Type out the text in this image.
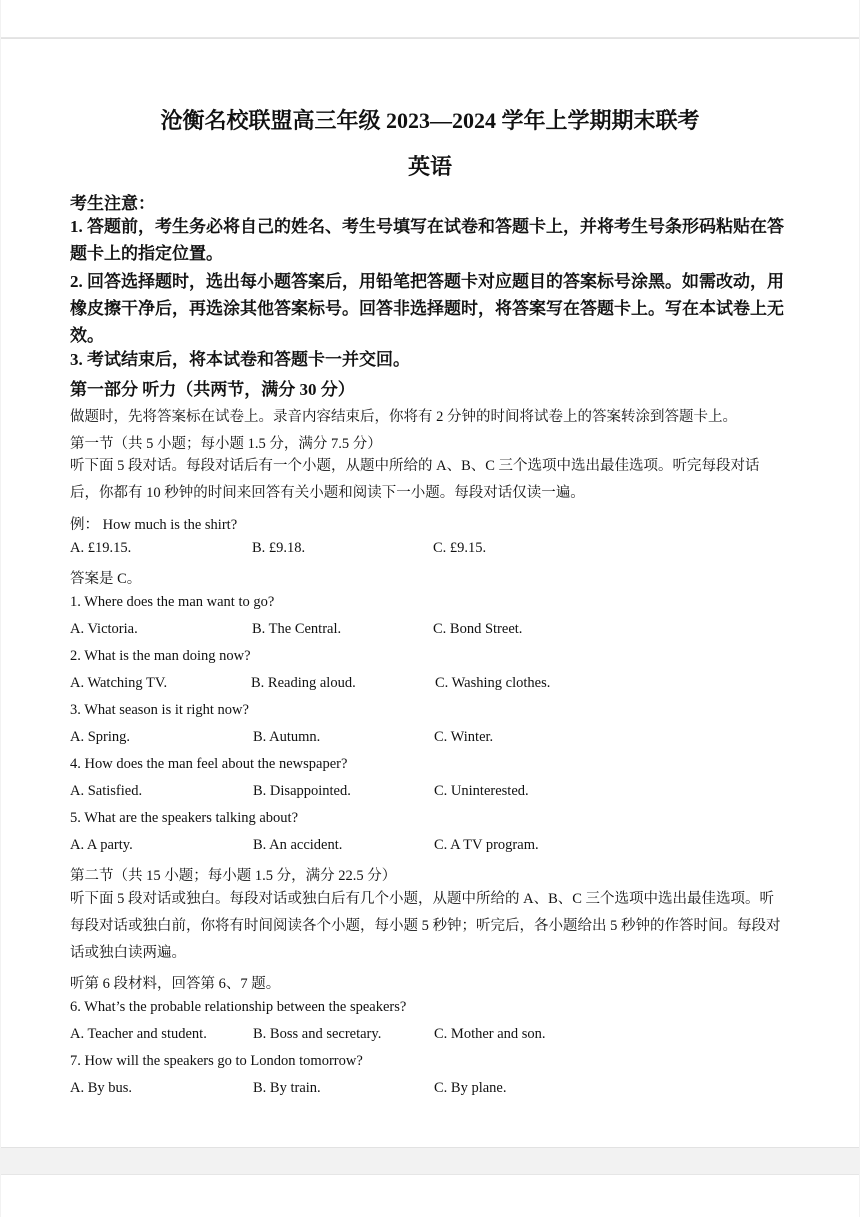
沧衡名校联盟高三年级 2023—2024 学年上学期期末联考
英语
考生注意：
1. 答题前，考生务必将自己的姓名、考生号填写在试卷和答题卡上，并将考生号条形码粘贴在答题卡上的指定位置。
2. 回答选择题时，选出每小题答案后，用铅笔把答题卡对应题目的答案标号涂黑。如需改动，用橡皮擦干净后，再选涂其他答案标号。回答非选择题时，将答案写在答题卡上。写在本试卷上无效。
3. 考试结束后，将本试卷和答题卡一并交回。
第一部分 听力（共两节，满分 30 分）
做题时，先将答案标在试卷上。录音内容结束后，你将有 2 分钟的时间将试卷上的答案转涂到答题卡上。
第一节（共 5 小题；每小题 1.5 分，满分 7.5 分）
听下面 5 段对话。每段对话后有一个小题，从题中所给的 A、B、C 三个选项中选出最佳选项。听完每段对话后，你都有 10 秒钟的时间来回答有关小题和阅读下一小题。每段对话仅读一遍。
例： How much is the shirt?
A. £19.15.	B. £9.18.	C. £9.15.
答案是 C。
1. Where does the man want to go?
A. Victoria.	B. The Central.	C. Bond Street.
2. What is the man doing now?
A. Watching TV.	B. Reading aloud.	C. Washing clothes.
3. What season is it right now?
A. Spring.	B. Autumn.	C. Winter.
4. How does the man feel about the newspaper?
A. Satisfied.	B. Disappointed.	C. Uninterested.
5. What are the speakers talking about?
A. A party.	B. An accident.	C. A TV program.
第二节（共 15 小题；每小题 1.5 分，满分 22.5 分）
听下面 5 段对话或独白。每段对话或独白后有几个小题，从题中所给的 A、B、C 三个选项中选出最佳选项。听每段对话或独白前，你将有时间阅读各个小题，每小题 5 秒钟；听完后，各小题给出 5 秒钟的作答时间。每段对话或独白读两遍。
听第 6 段材料，回答第 6、7 题。
6. What’s the probable relationship between the speakers?
A. Teacher and student.	B. Boss and secretary.	C. Mother and son.
7. How will the speakers go to London tomorrow?
A. By bus.	B. By train.	C. By plane.
